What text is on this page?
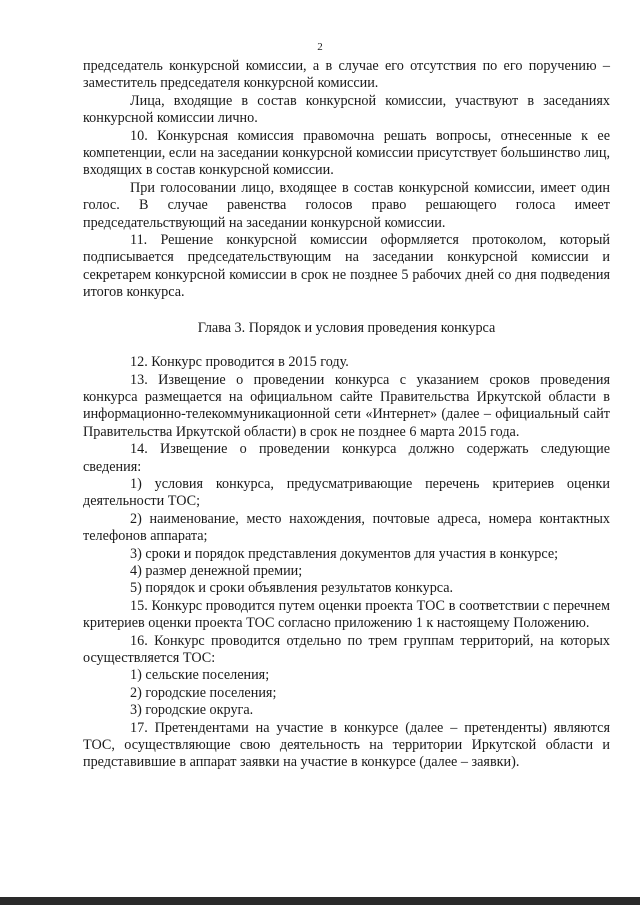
2

председатель конкурсной комиссии, а в случае его отсутствия по его поручению – заместитель председателя конкурсной комиссии.

Лица, входящие в состав конкурсной комиссии, участвуют в заседаниях конкурсной комиссии лично.

10. Конкурсная комиссия правомочна решать вопросы, отнесенные к ее компетенции, если на заседании конкурсной комиссии присутствует большинство лиц, входящих в состав конкурсной комиссии.

При голосовании лицо, входящее в состав конкурсной комиссии, имеет один голос. В случае равенства голосов право решающего голоса имеет председательствующий на заседании конкурсной комиссии.

11. Решение конкурсной комиссии оформляется протоколом, который подписывается председательствующим на заседании конкурсной комиссии и секретарем конкурсной комиссии в срок не позднее 5 рабочих дней со дня подведения итогов конкурса.

Глава 3. Порядок и условия проведения конкурса

12. Конкурс проводится в 2015 году.

13. Извещение о проведении конкурса с указанием сроков проведения конкурса размещается на официальном сайте Правительства Иркутской области в информационно-телекоммуникационной сети «Интернет» (далее – официальный сайт Правительства Иркутской области) в срок не позднее 6 марта 2015 года.

14. Извещение о проведении конкурса должно содержать следующие сведения:

1) условия конкурса, предусматривающие перечень критериев оценки деятельности ТОС;

2) наименование, место нахождения, почтовые адреса, номера контактных телефонов аппарата;

3) сроки и порядок представления документов для участия в конкурсе;

4) размер денежной премии;

5) порядок и сроки объявления результатов конкурса.

15. Конкурс проводится путем оценки проекта ТОС в соответствии с перечнем критериев оценки проекта ТОС согласно приложению 1 к настоящему Положению.

16. Конкурс проводится отдельно по трем группам территорий, на которых осуществляется ТОС:

1) сельские поселения;

2) городские поселения;

3) городские округа.

17. Претендентами на участие в конкурсе (далее – претенденты) являются ТОС, осуществляющие свою деятельность на территории Иркутской области и представившие в аппарат заявки на участие в конкурсе (далее – заявки).
